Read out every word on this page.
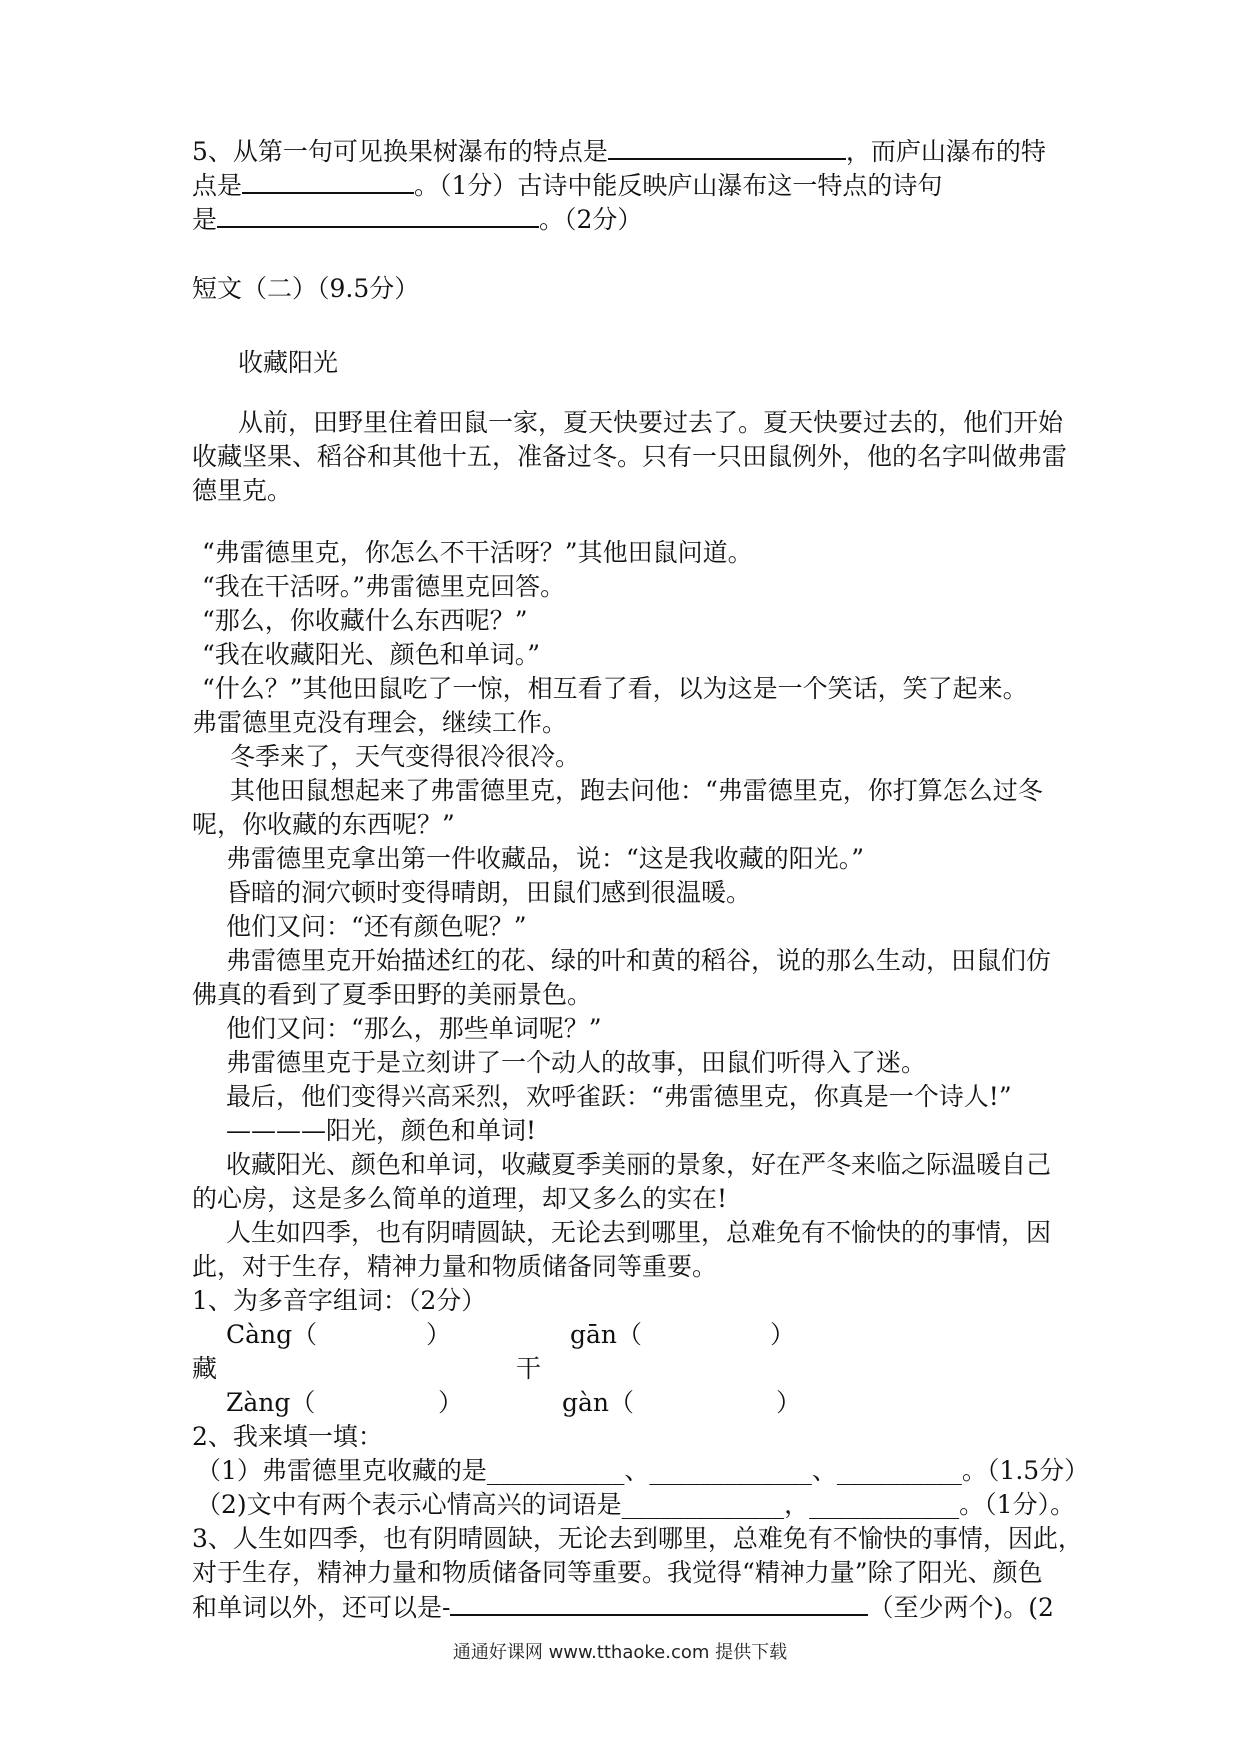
5、从第一句可见换果树瀑布的特点是	，而庐山瀑布的特
点是	。（1分）古诗中能反映庐山瀑布这一特点的诗句
是	。（2分）
短文（二）（9.5分）
收藏阳光
从前，田野里住着田鼠一家，夏天快要过去了。夏天快要过去的，他们开始
收藏坚果、稻谷和其他十五，准备过冬。只有一只田鼠例外，他的名字叫做弗雷
德里克。
“弗雷德里克，你怎么不干活呀？”其他田鼠问道。
“我在干活呀。”弗雷德里克回答。
“那么，你收藏什么东西呢？”
“我在收藏阳光、颜色和单词。”
“什么？”其他田鼠吃了一惊，相互看了看，以为这是一个笑话，笑了起来。
弗雷德里克没有理会，继续工作。
冬季来了，天气变得很冷很冷。
其他田鼠想起来了弗雷德里克，跑去问他：“弗雷德里克，你打算怎么过冬
呢，你收藏的东西呢？”
弗雷德里克拿出第一件收藏品，说：“这是我收藏的阳光。”
昏暗的洞穴顿时变得晴朗，田鼠们感到很温暖。
他们又问：“还有颜色呢？”
弗雷德里克开始描述红的花、绿的叶和黄的稻谷，说的那么生动，田鼠们仿
佛真的看到了夏季田野的美丽景色。
他们又问：“那么，那些单词呢？”
弗雷德里克于是立刻讲了一个动人的故事，田鼠们听得入了迷。
最后，他们变得兴高采烈，欢呼雀跃：“弗雷德里克，你真是一个诗人!”
————阳光，颜色和单词!
收藏阳光、颜色和单词，收藏夏季美丽的景象，好在严冬来临之际温暖自己
的心房，这是多么简单的道理，却又多么的实在!
人生如四季，也有阴晴圆缺，无论去到哪里，总难免有不愉快的的事情，因
此，对于生存，精神力量和物质储备同等重要。
1、为多音字组词：（2分）
Càng（	）	gān（	）
藏	干
Zàng（	）	gàn（	）
2、我来填一填：
（1）弗雷德里克收藏的是___________、_____________、__________。（1.5分）
（2)文中有两个表示心情高兴的词语是_____________，____________。（1分）。
3、人生如四季，也有阴晴圆缺，无论去到哪里，总难免有不愉快的事情，因此，
对于生存，精神力量和物质储备同等重要。我觉得“精神力量”除了阳光、颜色
和单词以外，还可以是-	（至少两个)。(2
通通好课网 www.tthaoke.com 提供下载
